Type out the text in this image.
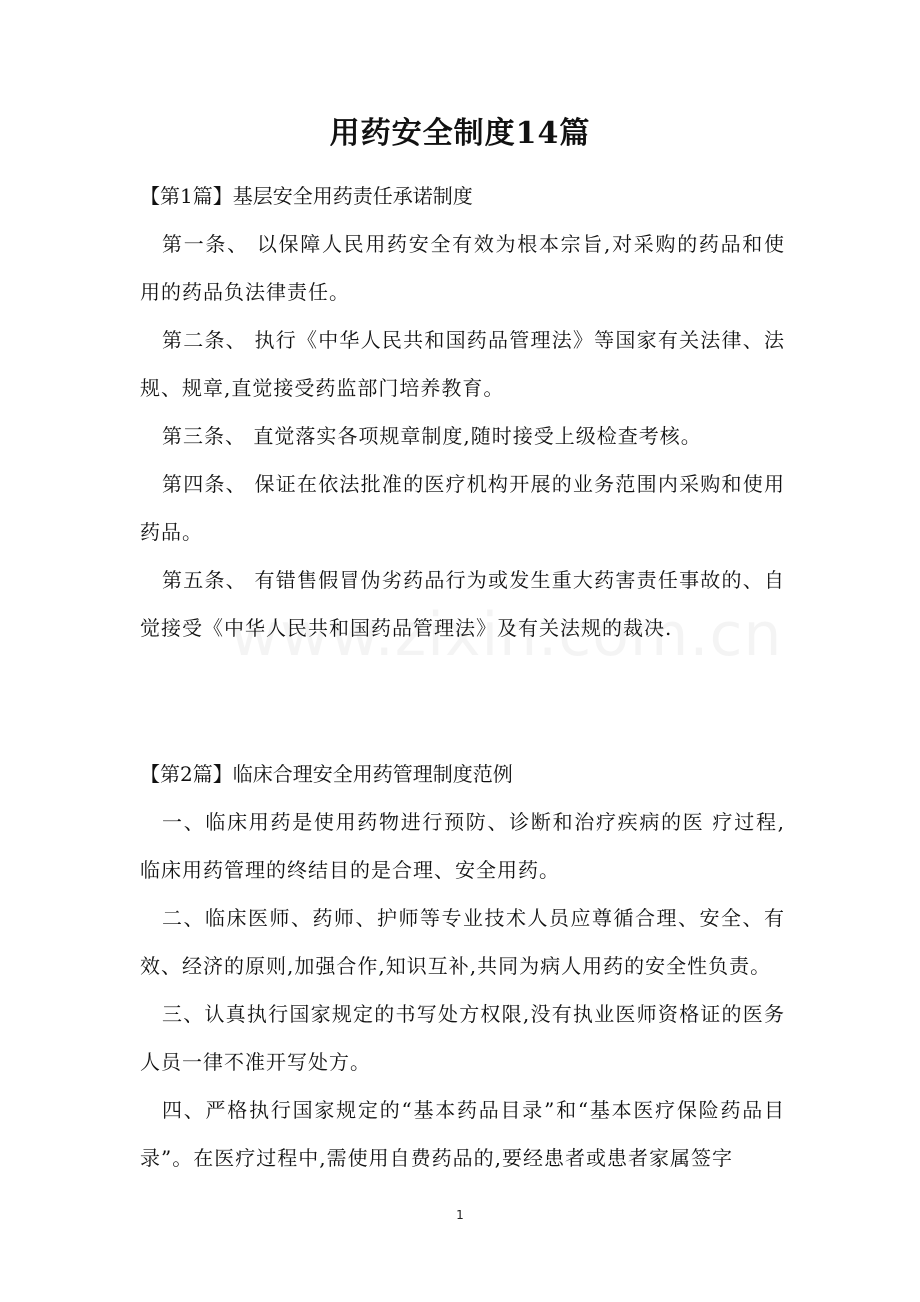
用药安全制度14篇

【第1篇】基层安全用药责任承诺制度

第一条、 以保障人民用药安全有效为根本宗旨,对采购的药品和使用的药品负法律责任。

第二条、 执行《中华人民共和国药品管理法》等国家有关法律、法规、规章,直觉接受药监部门培养教育。

第三条、 直觉落实各项规章制度,随时接受上级检查考核。

第四条、 保证在依法批准的医疗机构开展的业务范围内采购和使用药品。

第五条、 有错售假冒伪劣药品行为或发生重大药害责任事故的、自觉接受《中华人民共和国药品管理法》及有关法规的裁决.

【第2篇】临床合理安全用药管理制度范例

一、临床用药是使用药物进行预防、诊断和治疗疾病的医 疗过程,临床用药管理的终结目的是合理、安全用药。

二、临床医师、药师、护师等专业技术人员应尊循合理、安全、有效、经济的原则,加强合作,知识互补,共同为病人用药的安全性负责。

三、认真执行国家规定的书写处方权限,没有执业医师资格证的医务人员一律不准开写处方。

四、严格执行国家规定的“基本药品目录”和“基本医疗保险药品目录”。在医疗过程中,需使用自费药品的,要经患者或患者家属签字

1
